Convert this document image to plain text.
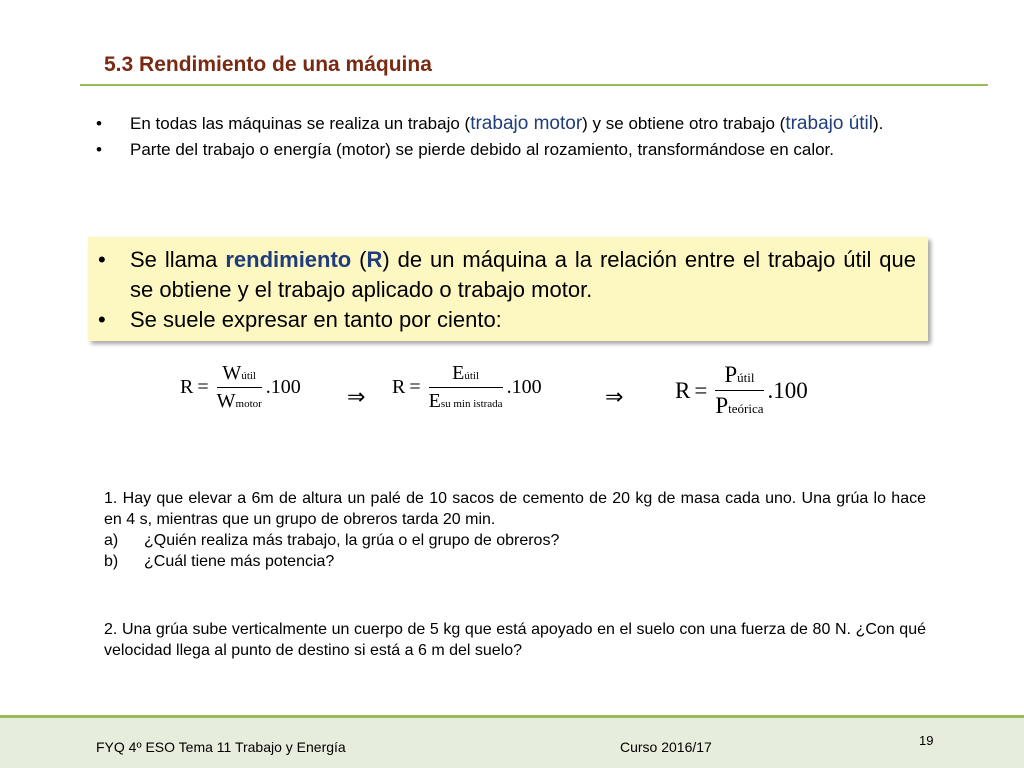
5.3 Rendimiento de una máquina
• En todas las máquinas se realiza un trabajo (trabajo motor) y se obtiene otro trabajo (trabajo útil).
• Parte del trabajo o energía (motor) se pierde debido al rozamiento, transformándose en calor.
• Se llama rendimiento (R) de un máquina a la relación entre el trabajo útil que se obtiene y el trabajo aplicado o trabajo motor.
• Se suele expresar en tanto por ciento:
$R = \frac{\text{Wútil}}{\text{Wmotor}} .100$ ⇒ $R = \frac{\text{Eútil}}{\text{Esu min istrada}} .100$	⇒ $R = \frac{\text{Pútil}}{\text{Pteórica}} .100$
1. Hay que elevar a 6m de altura un palé de 10 sacos de cemento de 20 kg de masa cada uno. Una grúa lo hace en 4 s, mientras que un grupo de obreros tarda 20 min.
a) ¿Quién realiza más trabajo, la grúa o el grupo de obreros?
b) ¿Cuál tiene más potencia?
2. Una grúa sube verticalmente un cuerpo de 5 kg que está apoyado en el suelo con una fuerza de 80 N. ¿Con qué velocidad llega al punto de destino si está a 6 m del suelo?
FYQ 4º ESO Tema 11 Trabajo y Energía	Curso 2016/17	19
